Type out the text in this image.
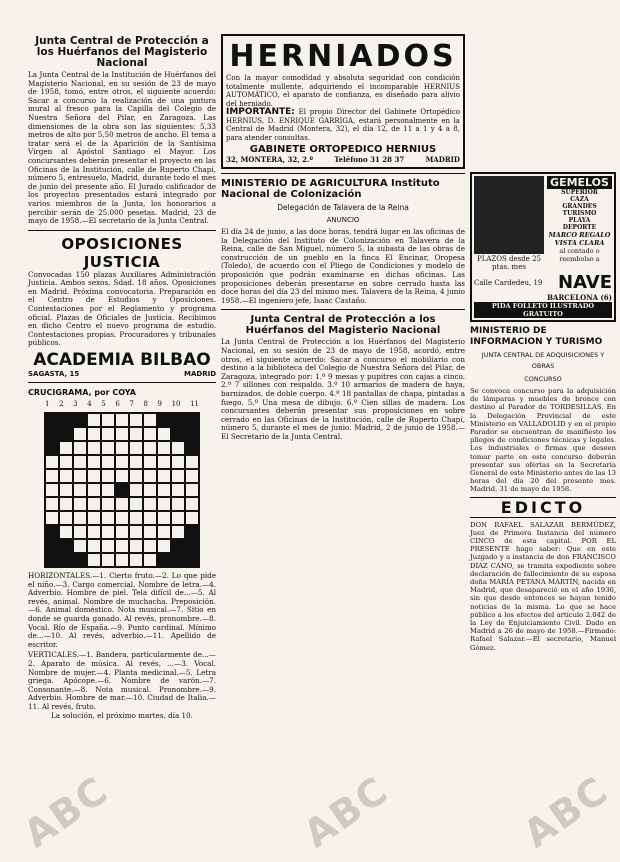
ABC	ABC	ABC
Junta Central de Protección a los Huérfanos del Magisterio Nacional

La Junta Central de la Institución de Huérfanos del Magisterio Nacional, en su sesión de 23 de mayo de 1958, tomó, entre otros, el siguiente acuerdo: Sacar a concurso la realización de una pintura mural al fresco para la Capilla del Colegio de Nuestra Señora del Pilar, en Zaragoza. Las dimensiones de la obra son las siguientes: 5,33 metros de alto por 5,50 metros de ancho. El tema a tratar será el de la Aparición de la Santísima Virgen al Apóstol Santiago el Mayor. Los concursantes deberán presentar el proyecto en las Oficinas de la Institución, calle de Ruperto Chapí, número 5, entresuelo, Madrid, durante todo el mes de junio del presente año. El Jurado calificador de los proyectos presentados estará integrado por varios miembros de la Junta, los honorarios a percibir serán de 25.000 pesetas. Madrid, 23 de mayo de 1958.—El secretario de la Junta Central.

OPOSICIONES JUSTICIA

Convocadas 150 plazas Auxiliares Administración Justicia. Ambos sexos. Sdad. 18 años. Oposiciones en Madrid. Próxima convocatoria. Preparación en el Centro de Estudios y Oposiciones. Contestaciones por el Reglamento y programa oficial. Plazas de Oficiales de Justicia. Recibimos en dicho Centro el nuevo programa de estudio. Contestaciones propias. Procuradores y tribunales públicos.

ACADEMIA BILBAO
SAGASTA, 15	MADRID
CRUCIGRAMA, por COYA
1 2 3 4 5 6 7 8 9 10 11

HORIZONTALES.—1. Cierto fruto.—2. Lo que pide el niño.—3. Cargo comercial. Nombre de letra.—4. Adverbio. Hombre de piel. Tela difícil de...—5. Al revés, animal. Nombre de muchacha. Preposición.—6. Animal doméstico. Nota musical.—7. Sitio en donde se guarda ganado. Al revés, pronombre.—8. Vocal. Río de España.—9. Punto cardinal. Mínimo de...—10. Al revés, adverbio.—11. Apellido de escritor.

VERTICALES.—1. Bandera, particularmente de...—2. Aparato de música. Al revés, ...—3. Vocal. Nombre de mujer.—4. Planta medicinal.—5. Letra griega. Apócope.—6. Nombre de varón.—7. Consonante.—8. Nota musical. Pronombre.—9. Adverbio. Hombre de mar.—10. Ciudad de Italia.—11. Al revés, fruto.

La solución, el próximo martes, día 10.

HERNIADOS

Con la mayor comodidad y absoluta seguridad con condición totalmente mullente, adquiriendo el incomparable HERNIUS AUTOMÁTICO, el aparato de confianza, es diseñado para alivio del herniado.

IMPORTANTE: El propio Director del Gabinete Ortopédico HERNIUS, D. ENRIQUE GARRIGA, estará personalmente en la Central de Madrid (Montera, 32), el día 12, de 11 a 1 y 4 a 8, para atender consultas.

GABINETE ORTOPEDICO HERNIUS
32, MONTERA, 32, 2.º	Teléfono 31 28 37	MADRID
MINISTERIO DE AGRICULTURA Instituto Nacional de Colonización
Delegación de Talavera de la Reina
ANUNCIO

El día 24 de junio, a las doce horas, tendrá lugar en las oficinas de la Delegación del Instituto de Colonización en Talavera de la Reina, calle de San Miguel, número 5, la subasta de las obras de construcción de un pueblo en la finca El Encinar, Oropesa (Toledo), de acuerdo con el Pliego de Condiciones y modelo de proposición que podrán examinarse en dichas oficinas. Las proposiciones deberán presentarse en sobre cerrado hasta las doce horas del día 23 del mismo mes. Talavera de la Reina, 4 junio 1958.—El ingeniero jefe, Isaac Castaño.

Junta Central de Protección a los Huérfanos del Magisterio Nacional

La Junta Central de Protección a los Huérfanos del Magisterio Nacional, en su sesión de 23 de mayo de 1958, acordó, entre otros, el siguiente acuerdo: Sacar a concurso el mobiliario con destino a la biblioteca del Colegio de Nuestra Señora del Pilar, de Zaragoza, integrado por: 1.º 9 mesas y pupitres con cajas a cinco. 2.º 7 sillones con respaldo. 3.º 10 armarios de madera de haya, barnizados, de doble cuerpo. 4.º 18 pantallas de chapa, pintadas a fuego. 5.º Una mesa de dibujo. 6.º Cien sillas de madera. Los concursantes deberán presentar sus proposiciones en sobre cerrado en las Oficinas de la Institución, calle de Ruperto Chapí, número 5, durante el mes de junio. Madrid, 2 de junio de 1958.—El Secretario de la Junta Central.

PLAZOS desde 25 ptas. mes
GEMELOS
SUPERIOR
CAZA
GRANDES
TURISMO
PLAYA
DEPORTE
MARCO REGALO VISTA CLARA
al contado o reembolso a
Calle Cardedeu, 19 NAVE
BARCELONA (6)
PIDA FOLLETO ILUSTRADO GRATUITO
MINISTERIO DE INFORMACION Y TURISMO
JUNTA CENTRAL DE ADQUISICIONES Y OBRAS
CONCURSO

Se convoca concurso para la adquisición de lámparas y muebles de bronce con destino al Parador de TORDESILLAS. En la Delegación Provincial de este Ministerio en VALLADOLID y en el propio Parador se encuentran de manifiesto los pliegos de condiciones técnicas y legales. Los industriales o firmas que deseen tomar parte en este concurso deberán presentar sus ofertas en la Secretaría General de este Ministerio antes de las 13 horas del día 20 del presente mes. Madrid, 31 de mayo de 1958.

EDICTO

DON RAFAEL SALAZAR BERMÚDEZ, Juez de Primera Instancia del número CINCO de esta capital. POR EL PRESENTE hago saber: Que en este Juzgado y a instancia de don FRANCISCO DÍAZ CANO, se tramita expediente sobre declaración de fallecimiento de su esposa doña MARÍA PETANA MARTÍN, nacida en Madrid, que desapareció en el año 1936, sin que desde entonces se hayan tenido noticias de la misma. Lo que se hace público a los efectos del artículo 2.042 de la Ley de Enjuiciamiento Civil. Dado en Madrid a 26 de mayo de 1958.—Firmado: Rafael Salazar.—El secretario, Manuel Gómez.
